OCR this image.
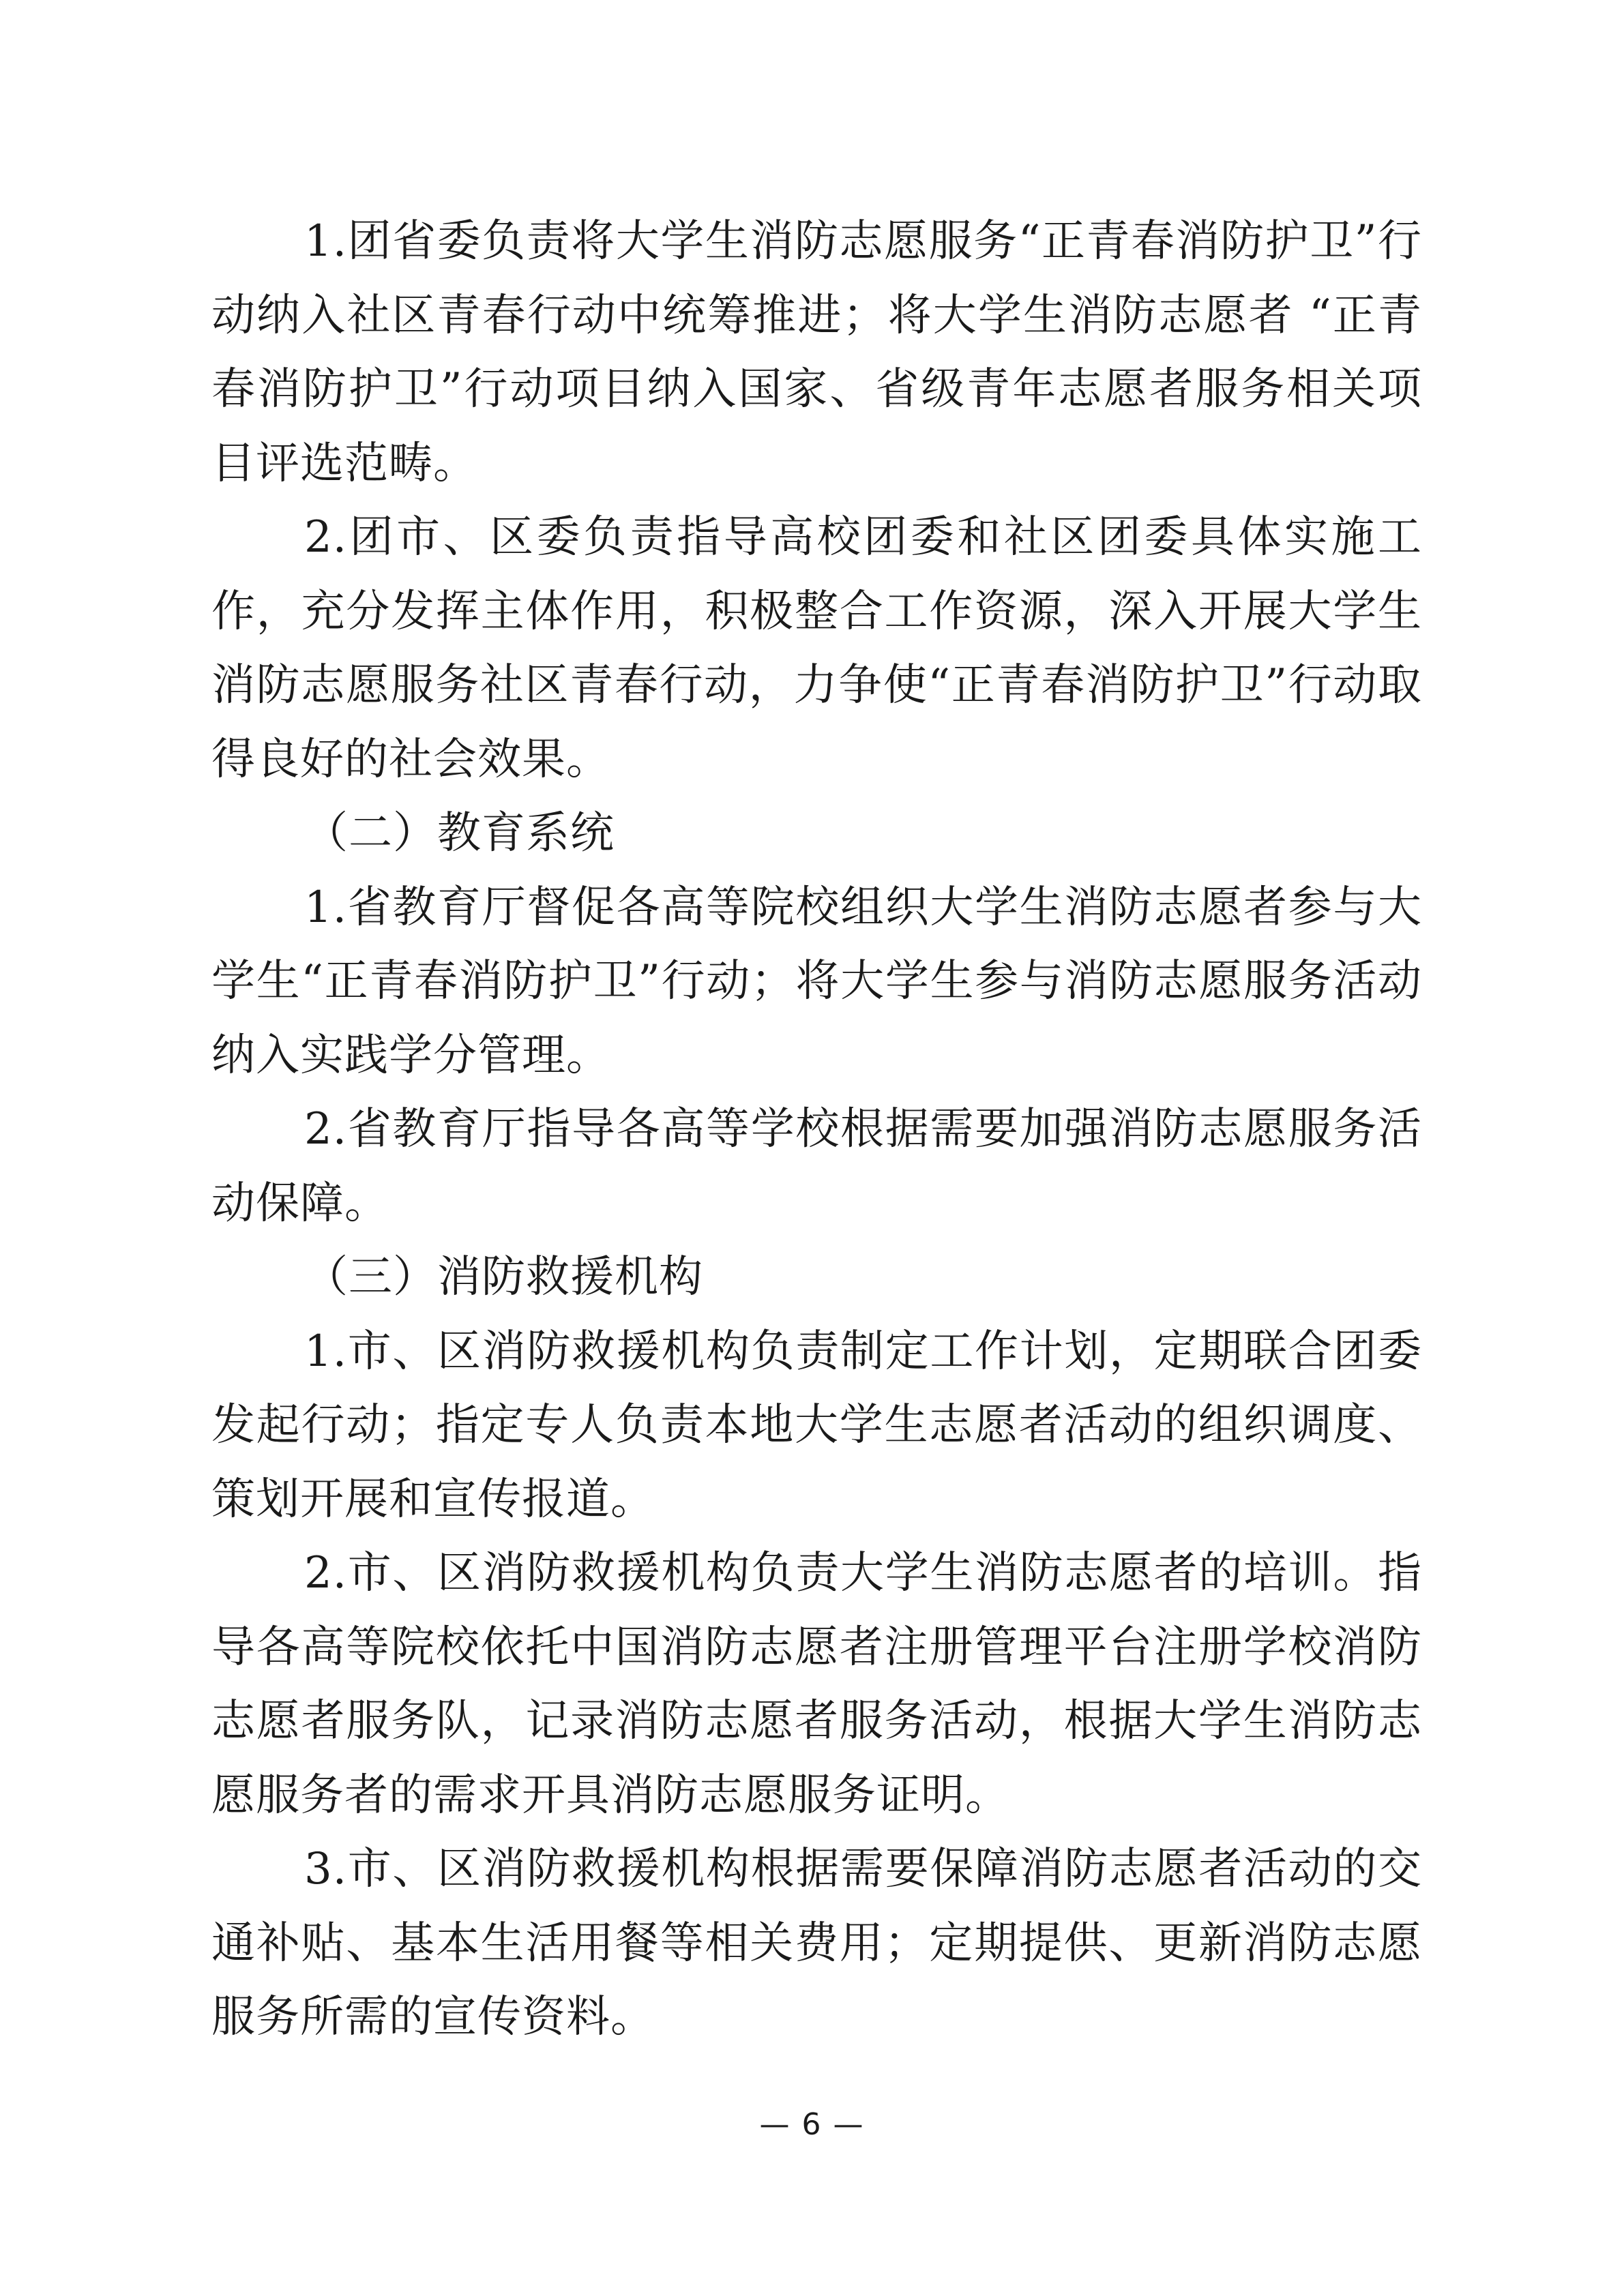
1.团省委负责将大学生消防志愿服务“正青春消防护卫”行动纳入社区青春行动中统筹推进；将大学生消防志愿者 “正青春消防护卫”行动项目纳入国家、省级青年志愿者服务相关项目评选范畴。

2.团市、区委负责指导高校团委和社区团委具体实施工作，充分发挥主体作用，积极整合工作资源，深入开展大学生消防志愿服务社区青春行动，力争使“正青春消防护卫”行动取得良好的社会效果。

（二）教育系统

1.省教育厅督促各高等院校组织大学生消防志愿者参与大学生“正青春消防护卫”行动；将大学生参与消防志愿服务活动纳入实践学分管理。

2.省教育厅指导各高等学校根据需要加强消防志愿服务活动保障。

（三）消防救援机构

1.市、区消防救援机构负责制定工作计划，定期联合团委发起行动；指定专人负责本地大学生志愿者活动的组织调度、策划开展和宣传报道。

2.市、区消防救援机构负责大学生消防志愿者的培训。指导各高等院校依托中国消防志愿者注册管理平台注册学校消防志愿者服务队，记录消防志愿者服务活动，根据大学生消防志愿服务者的需求开具消防志愿服务证明。

3.市、区消防救援机构根据需要保障消防志愿者活动的交通补贴、基本生活用餐等相关费用；定期提供、更新消防志愿服务所需的宣传资料。

— 6 —
